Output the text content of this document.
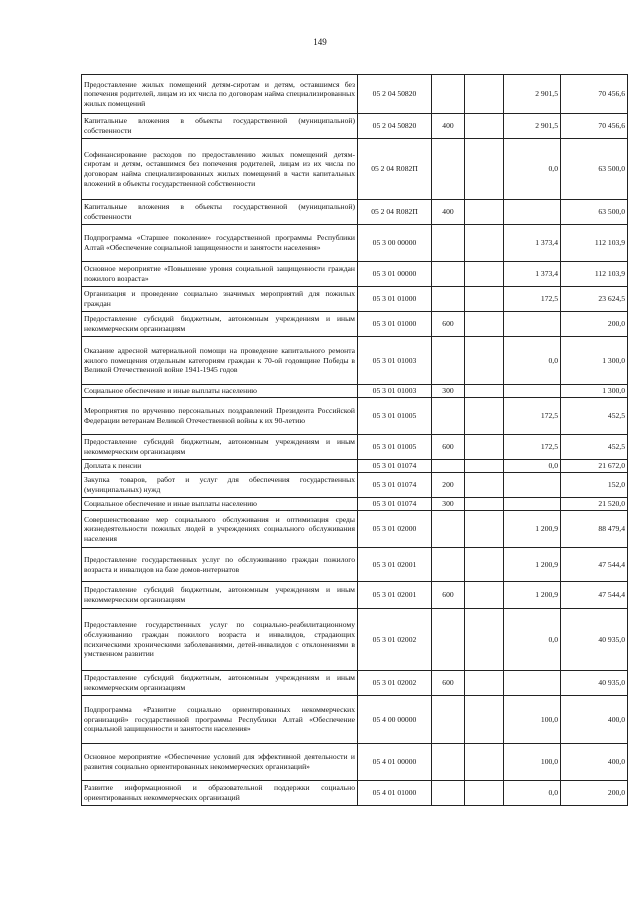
149
Предоставление жилых помещений детям-сиротам и детям, оставшимся без попечения родителей, лицам из их числа по договорам найма специализированных жилых помещений	05 2 04 50820			2 901,5	70 456,6
Капитальные вложения в объекты государственной (муниципальной) собственности	05 2 04 50820	400		2 901,5	70 456,6
Софинансирование расходов по предоставлению жилых помещений детям-сиротам и детям, оставшимся без попечения родителей, лицам из их числа по договорам найма специализированных жилых помещений в части капитальных вложений в объекты государственной собственности	05 2 04 R082П			0,0	63 500,0
Капитальные вложения в объекты государственной (муниципальной) собственности	05 2 04 R082П	400			63 500,0
Подпрограмма «Старшее поколение» государственной программы Республики Алтай «Обеспечение социальной защищенности и занятости населения»	05 3 00 00000			1 373,4	112 103,9
Основное мероприятие «Повышение уровня социальной защищенности граждан пожилого возраста»	05 3 01 00000			1 373,4	112 103,9
Организация и проведение социально значимых мероприятий для пожилых граждан	05 3 01 01000			172,5	23 624,5
Предоставление субсидий бюджетным, автономным учреждениям и иным некоммерческим организациям	05 3 01 01000	600			200,0
Оказание адресной материальной помощи на проведение капитального ремонта жилого помещения отдельным категориям граждан к 70-ой годовщине Победы в Великой Отечественной войне 1941-1945 годов	05 3 01 01003			0,0	1 300,0
Социальное обеспечение и иные выплаты населению	05 3 01 01003	300			1 300,0
Мероприятия по вручению персональных поздравлений Президента Российской Федерации ветеранам Великой Отечественной войны к их 90-летию	05 3 01 01005			172,5	452,5
Предоставление субсидий бюджетным, автономным учреждениям и иным некоммерческим организациям	05 3 01 01005	600		172,5	452,5
Доплата к пенсии	05 3 01 01074			0,0	21 672,0
Закупка товаров, работ и услуг для обеспечения государственных (муниципальных) нужд	05 3 01 01074	200			152,0
Социальное обеспечение и иные выплаты населению	05 3 01 01074	300			21 520,0
Совершенствование мер социального обслуживания и оптимизация среды жизнедеятельности пожилых людей в учреждениях социального обслуживания населения	05 3 01 02000			1 200,9	88 479,4
Предоставление государственных услуг по обслуживанию граждан пожилого возраста и инвалидов на базе домов-интернатов	05 3 01 02001			1 200,9	47 544,4
Предоставление субсидий бюджетным, автономным учреждениям и иным некоммерческим организациям	05 3 01 02001	600		1 200,9	47 544,4
Предоставление государственных услуг по социально-реабилитационному обслуживанию граждан пожилого возраста и инвалидов, страдающих психическими хроническими заболеваниями, детей-инвалидов с отклонениями в умственном развитии	05 3 01 02002			0,0	40 935,0
Предоставление субсидий бюджетным, автономным учреждениям и иным некоммерческим организациям	05 3 01 02002	600			40 935,0
Подпрограмма «Развитие социально ориентированных некоммерческих организаций» государственной программы Республики Алтай «Обеспечение социальной защищенности и занятости населения»	05 4 00 00000			100,0	400,0
Основное мероприятие «Обеспечение условий для эффективной деятельности и развития социально ориентированных некоммерческих организаций»	05 4 01 00000			100,0	400,0
Развитие информационной и образовательной поддержки социально ориентированных некоммерческих организаций	05 4 01 01000			0,0	200,0
